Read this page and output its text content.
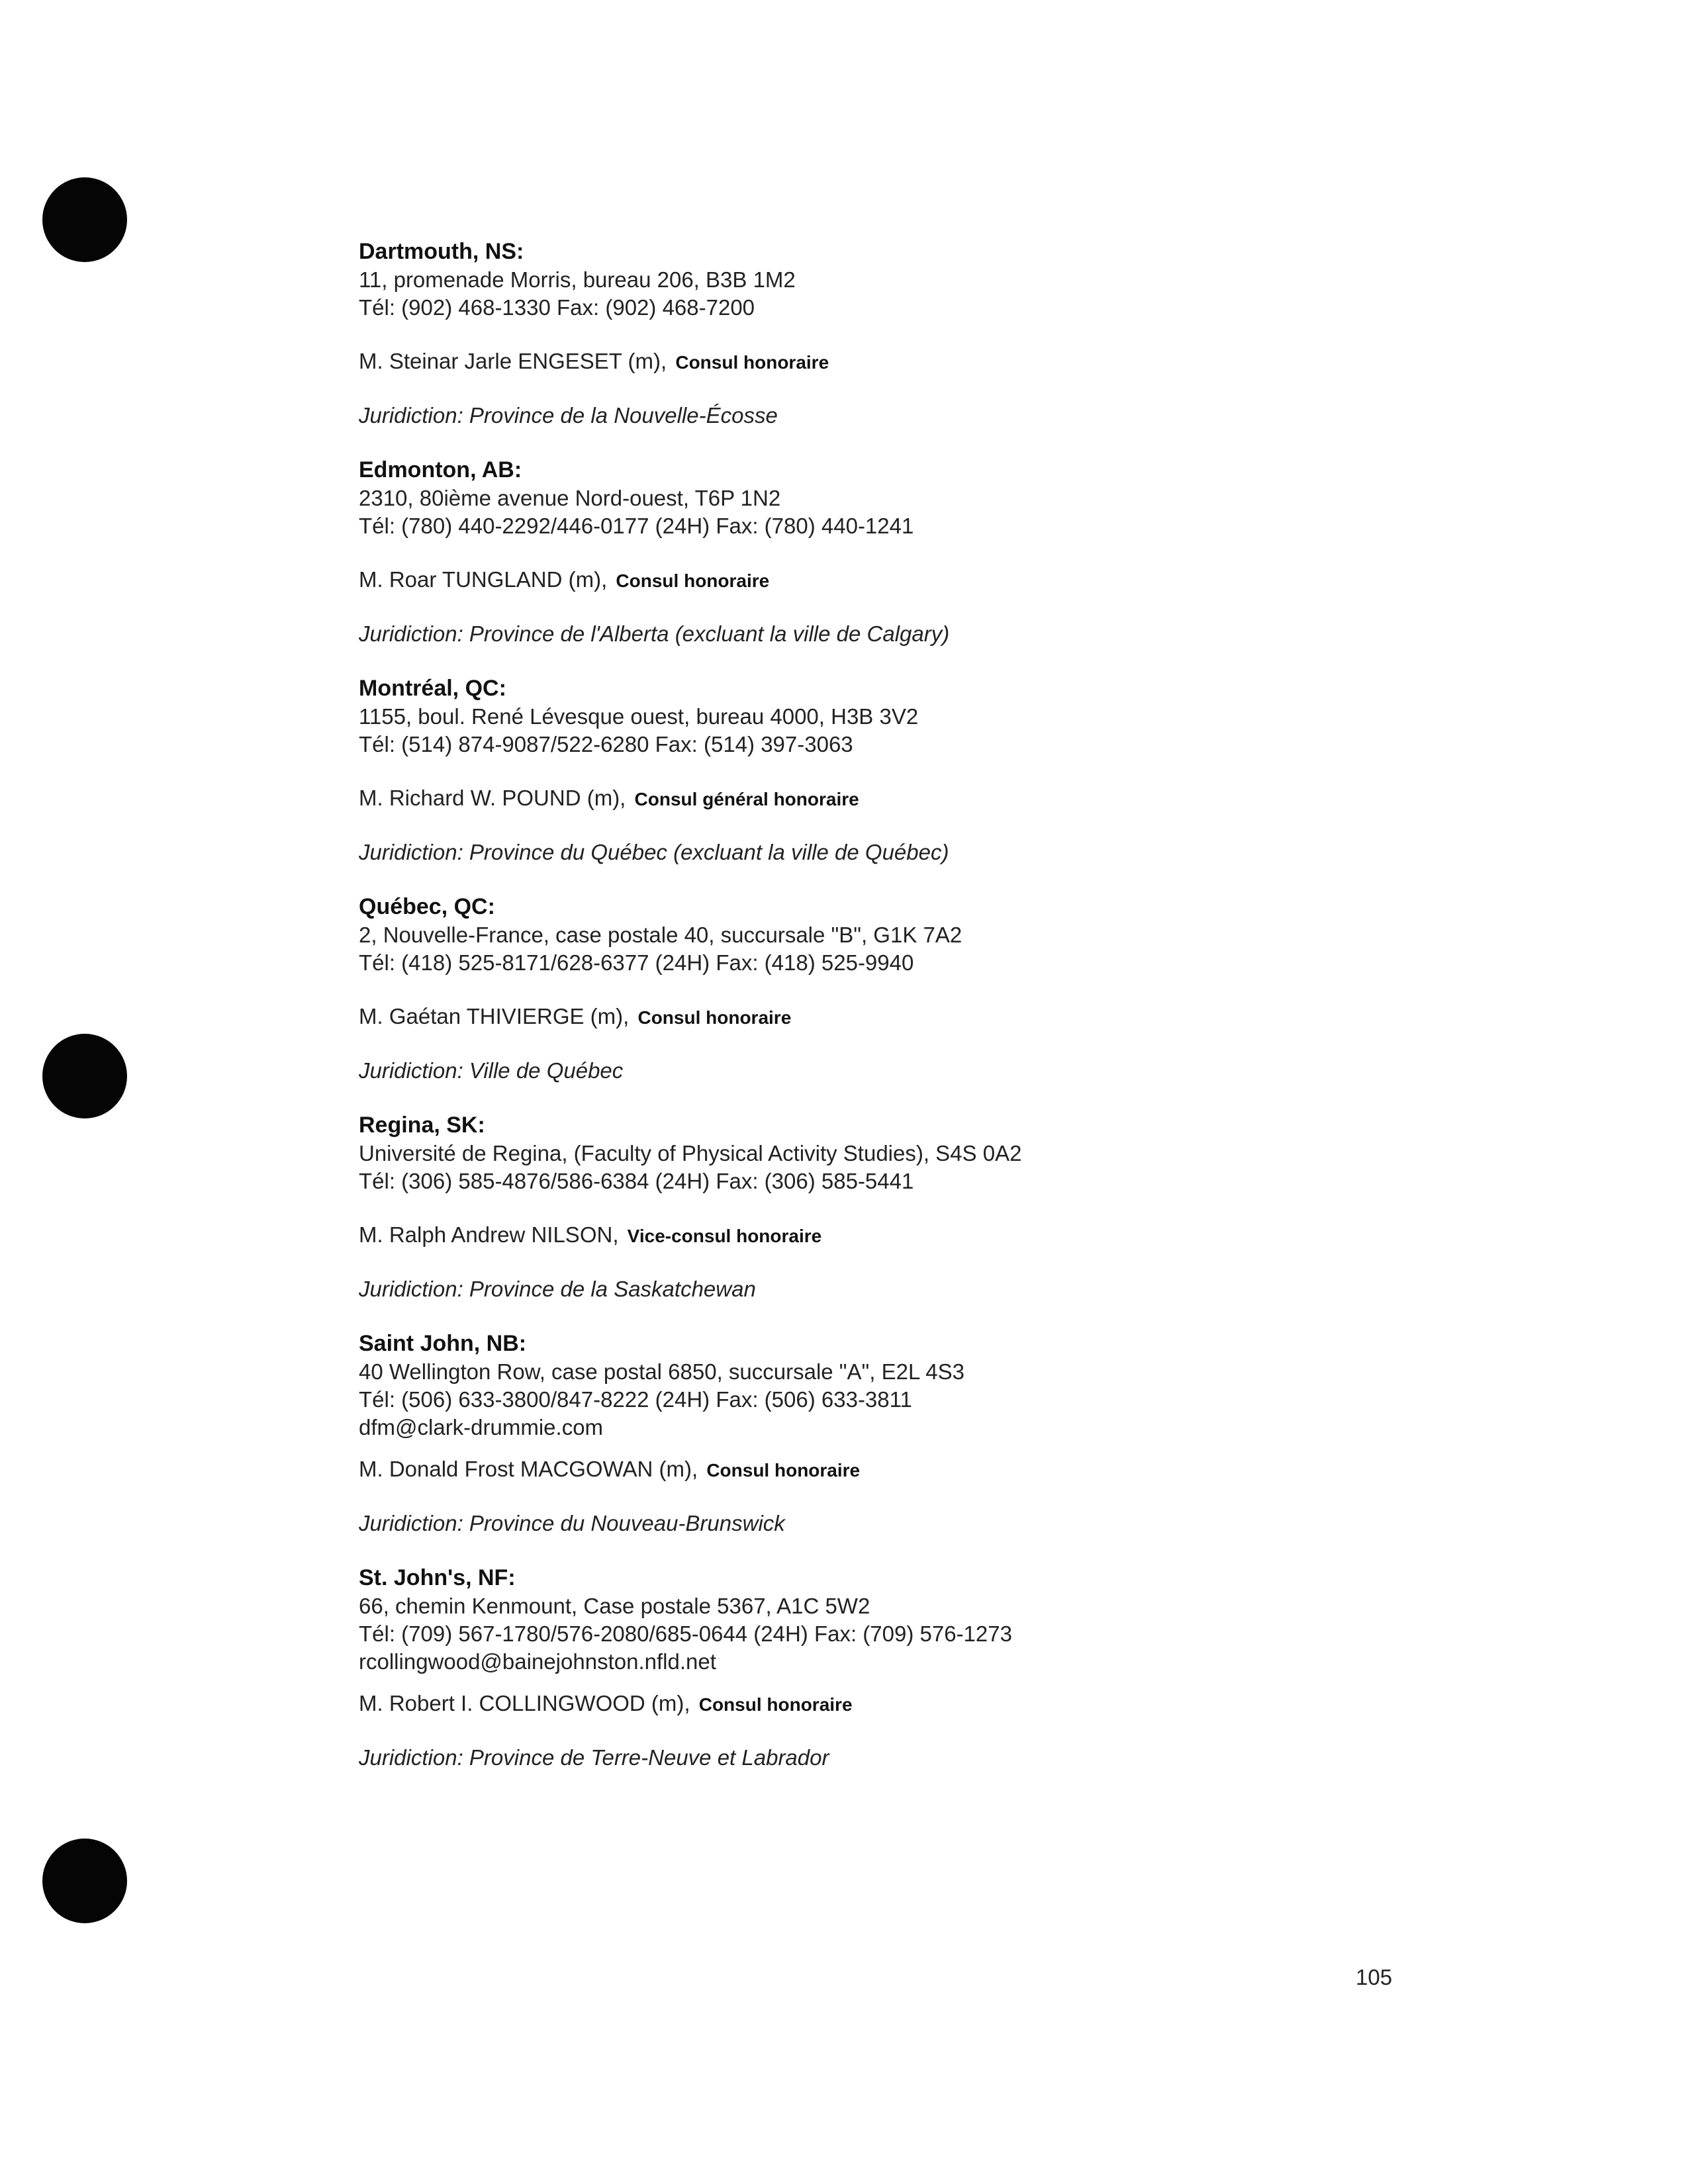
Dartmouth, NS:
11, promenade Morris, bureau 206, B3B 1M2
Tél: (902) 468-1330 Fax: (902) 468-7200
M. Steinar Jarle ENGESET (m), Consul honoraire
Juridiction: Province de la Nouvelle-Écosse
Edmonton, AB:
2310, 80ième avenue Nord-ouest, T6P 1N2
Tél: (780) 440-2292/446-0177 (24H) Fax: (780) 440-1241
M. Roar TUNGLAND (m), Consul honoraire
Juridiction: Province de l'Alberta (excluant la ville de Calgary)
Montréal, QC:
1155, boul. René Lévesque ouest, bureau 4000, H3B 3V2
Tél: (514) 874-9087/522-6280 Fax: (514) 397-3063
M. Richard W. POUND (m), Consul général honoraire
Juridiction: Province du Québec (excluant la ville de Québec)
Québec, QC:
2, Nouvelle-France, case postale 40, succursale "B", G1K 7A2
Tél: (418) 525-8171/628-6377 (24H) Fax: (418) 525-9940
M. Gaétan THIVIERGE (m), Consul honoraire
Juridiction: Ville de Québec
Regina, SK:
Université de Regina, (Faculty of Physical Activity Studies), S4S 0A2
Tél: (306) 585-4876/586-6384 (24H) Fax: (306) 585-5441
M. Ralph Andrew NILSON, Vice-consul honoraire
Juridiction: Province de la Saskatchewan
Saint John, NB:
40 Wellington Row, case postal 6850, succursale "A", E2L 4S3
Tél: (506) 633-3800/847-8222 (24H) Fax: (506) 633-3811
dfm@clark-drummie.com
M. Donald Frost MACGOWAN (m), Consul honoraire
Juridiction: Province du Nouveau-Brunswick
St. John's, NF:
66, chemin Kenmount, Case postale 5367, A1C 5W2
Tél: (709) 567-1780/576-2080/685-0644 (24H) Fax: (709) 576-1273
rcollingwood@bainejohnston.nfld.net
M. Robert I. COLLINGWOOD (m), Consul honoraire
Juridiction: Province de Terre-Neuve et Labrador
105
